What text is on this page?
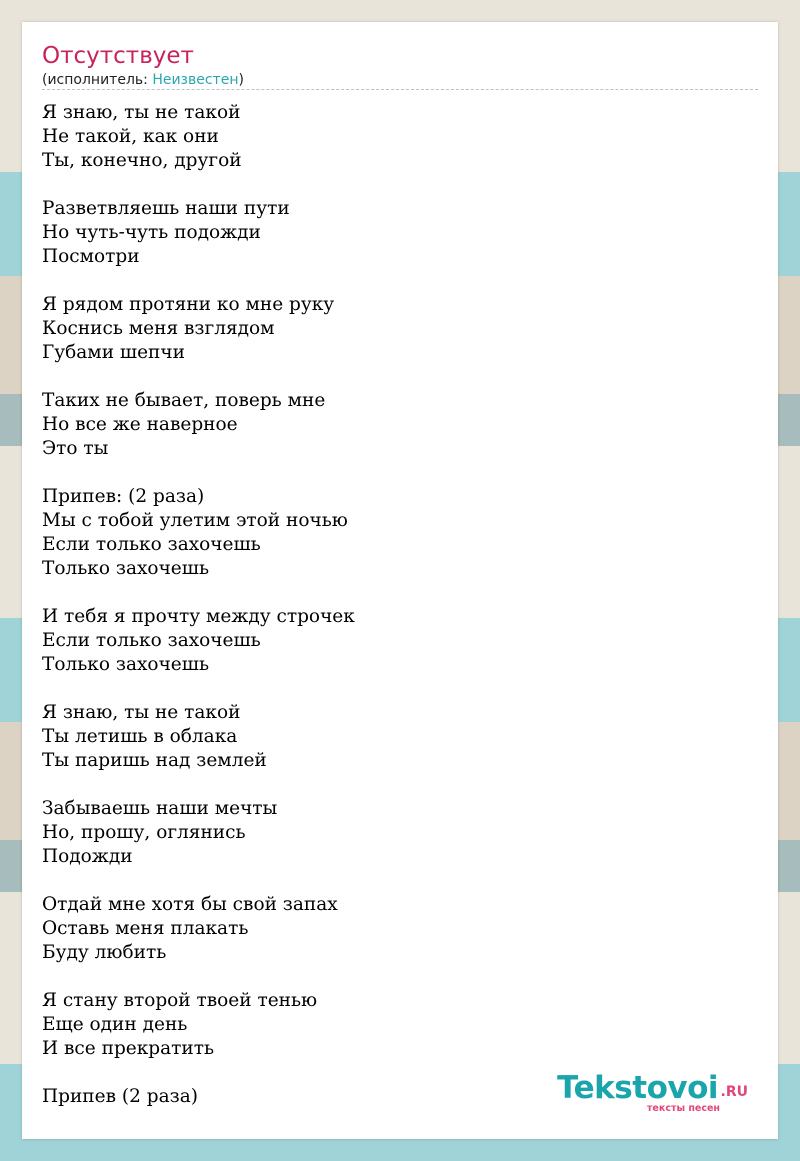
Отсутствует
(исполнитель: Неизвестен)
Я знаю, ты не такой
Не такой, как они
Ты, конечно, другой
Разветвляешь наши пути
Но чуть-чуть подожди
Посмотри
Я рядом протяни ко мне руку
Коснись меня взглядом
Губами шепчи
Таких не бывает, поверь мне
Но все же наверное
Это ты
Припев: (2 раза)
Мы с тобой улетим этой ночью
Если только захочешь
Только захочешь
И тебя я прочту между строчек
Если только захочешь
Только захочешь
Я знаю, ты не такой
Ты летишь в облака
Ты паришь над землей
Забываешь наши мечты
Но, прошу, оглянись
Подожди
Отдай мне хотя бы свой запах
Оставь меня плакать
Буду любить
Я стану второй твоей тенью
Еще один день
И все прекратить
Припев (2 раза)	Tekstovoi .RU
тексты песен
